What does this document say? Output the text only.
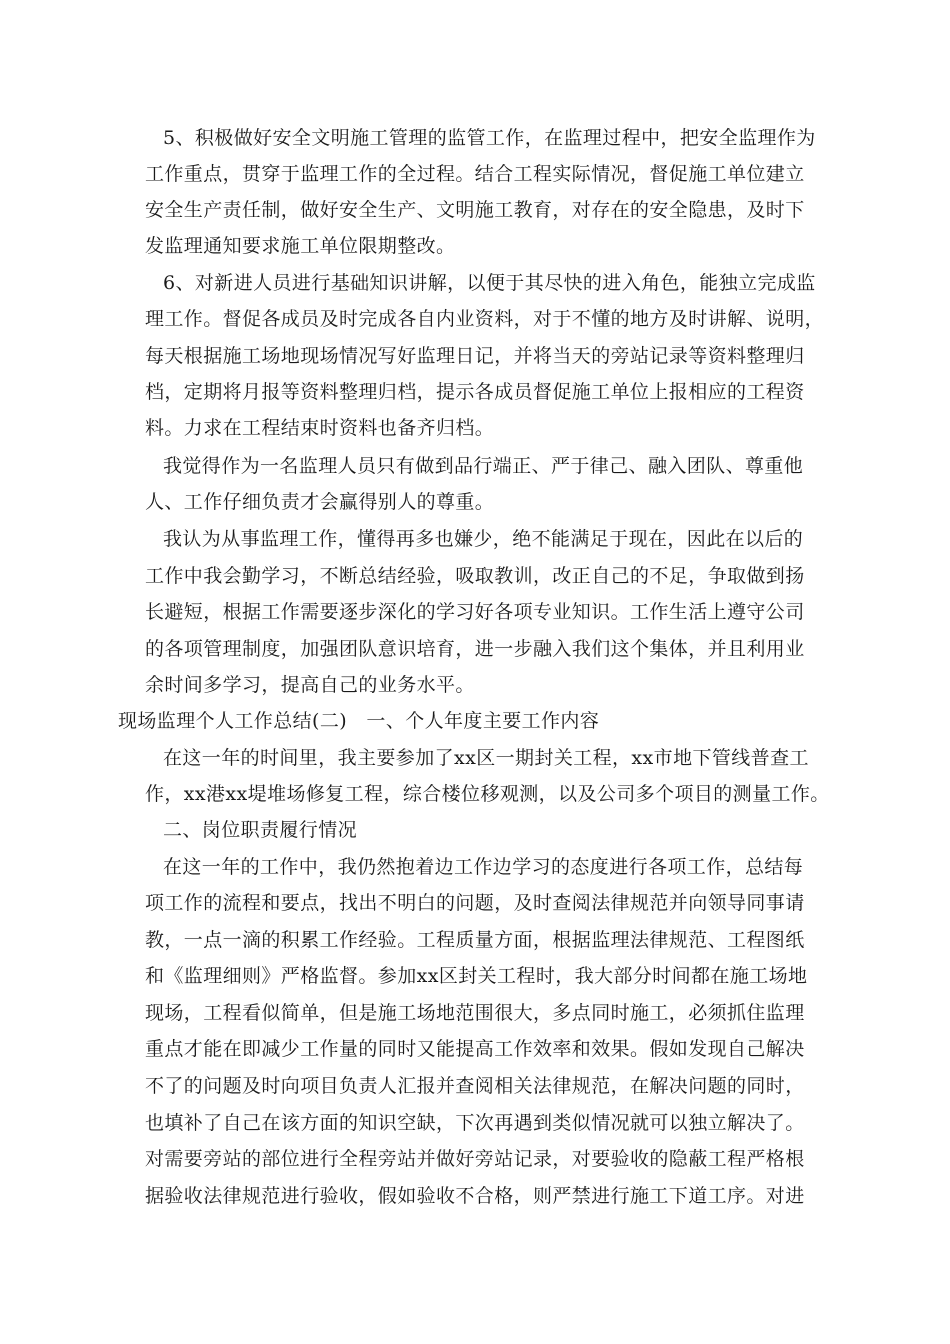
5、积极做好安全文明施工管理的监管工作，在监理过程中，把安全监理作为
工作重点，贯穿于监理工作的全过程。结合工程实际情况，督促施工单位建立
安全生产责任制，做好安全生产、文明施工教育，对存在的安全隐患，及时下
发监理通知要求施工单位限期整改。
6、对新进人员进行基础知识讲解，以便于其尽快的进入角色，能独立完成监
理工作。督促各成员及时完成各自内业资料，对于不懂的地方及时讲解、说明，
每天根据施工场地现场情况写好监理日记，并将当天的旁站记录等资料整理归
档，定期将月报等资料整理归档，提示各成员督促施工单位上报相应的工程资
料。力求在工程结束时资料也备齐归档。
我觉得作为一名监理人员只有做到品行端正、严于律己、融入团队、尊重他
人、工作仔细负责才会赢得别人的尊重。
我认为从事监理工作，懂得再多也嫌少，绝不能满足于现在，因此在以后的
工作中我会勤学习，不断总结经验，吸取教训，改正自己的不足，争取做到扬
长避短，根据工作需要逐步深化的学习好各项专业知识。工作生活上遵守公司
的各项管理制度，加强团队意识培育，进一步融入我们这个集体，并且利用业
余时间多学习，提高自己的业务水平。
现场监理个人工作总结(二)　一、个人年度主要工作内容
在这一年的时间里，我主要参加了xx区一期封关工程，xx市地下管线普查工
作，xx港xx堤堆场修复工程，综合楼位移观测，以及公司多个项目的测量工作。
二、岗位职责履行情况
在这一年的工作中，我仍然抱着边工作边学习的态度进行各项工作，总结每
项工作的流程和要点，找出不明白的问题，及时查阅法律规范并向领导同事请
教，一点一滴的积累工作经验。工程质量方面，根据监理法律规范、工程图纸
和《监理细则》严格监督。参加xx区封关工程时，我大部分时间都在施工场地
现场，工程看似简单，但是施工场地范围很大，多点同时施工，必须抓住监理
重点才能在即减少工作量的同时又能提高工作效率和效果。假如发现自己解决
不了的问题及时向项目负责人汇报并查阅相关法律规范，在解决问题的同时，
也填补了自己在该方面的知识空缺，下次再遇到类似情况就可以独立解决了。
对需要旁站的部位进行全程旁站并做好旁站记录，对要验收的隐蔽工程严格根
据验收法律规范进行验收，假如验收不合格，则严禁进行施工下道工序。对进
